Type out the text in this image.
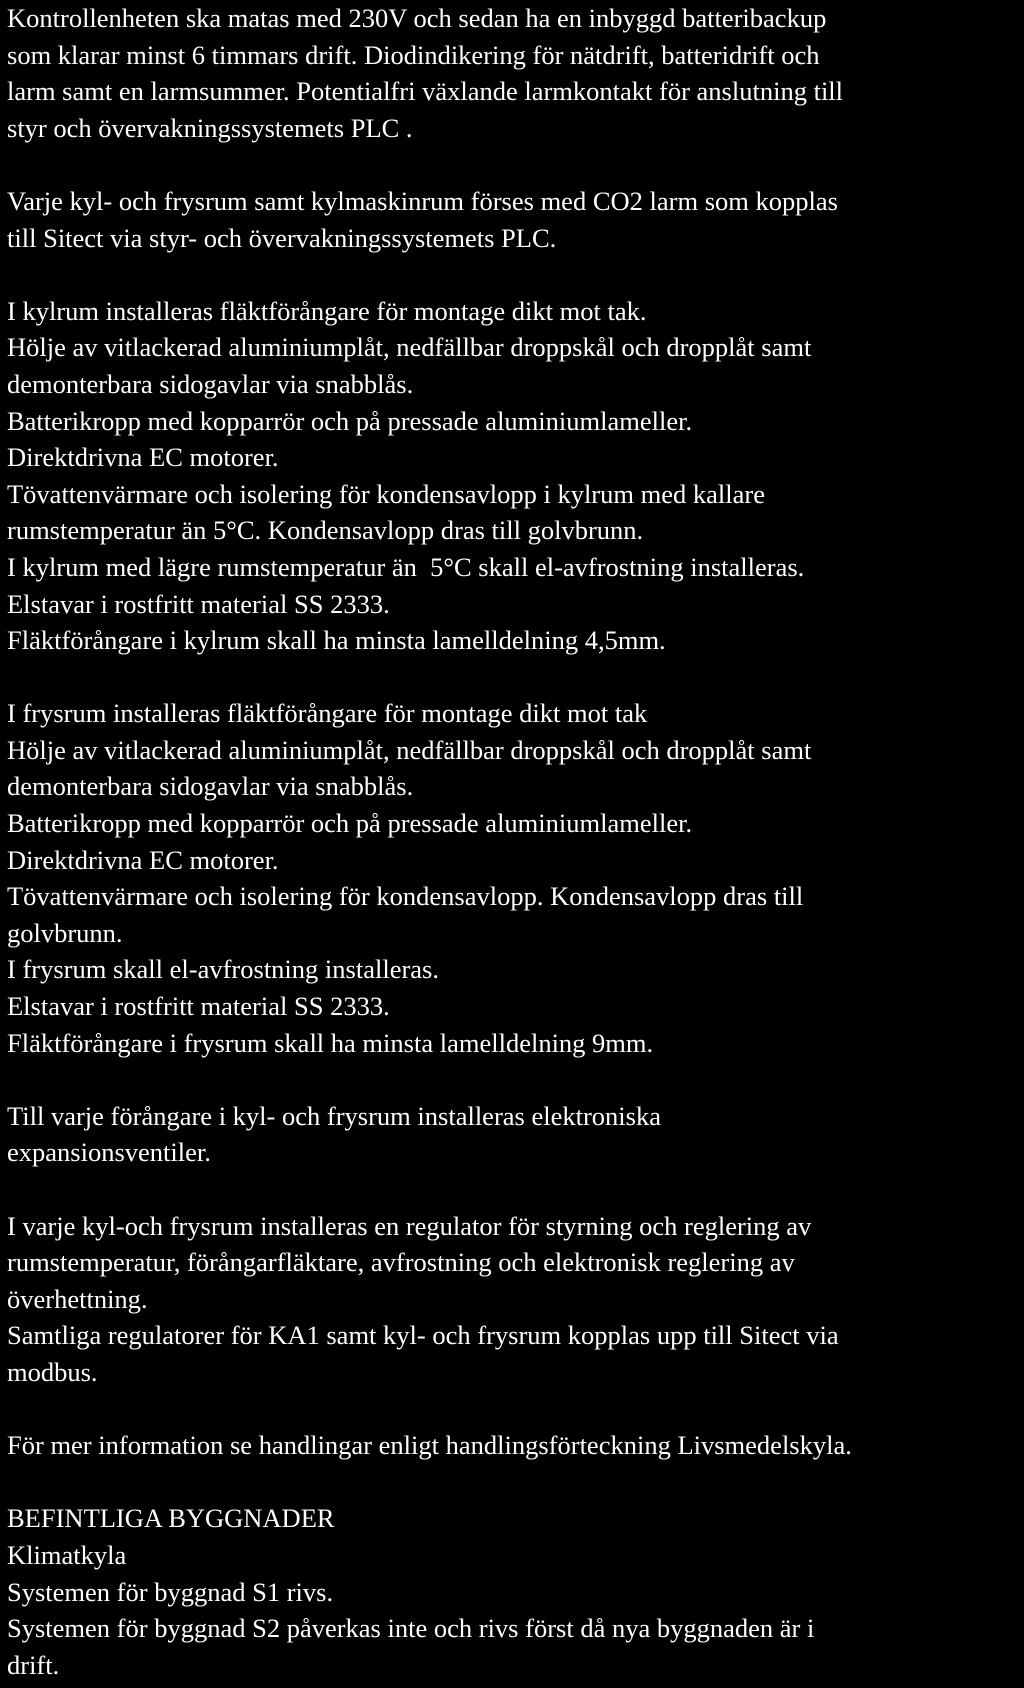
Kontrollenheten ska matas med 230V och sedan ha en inbyggd batteribackup
som klarar minst 6 timmars drift. Diodindikering för nätdrift, batteridrift och
larm samt en larmsummer. Potentialfri växlande larmkontakt för anslutning till
styr och övervakningssystemets PLC .
Varje kyl- och frysrum samt kylmaskinrum förses med CO2 larm som kopplas
till Sitect via styr- och övervakningssystemets PLC.
I kylrum installeras fläktförångare för montage dikt mot tak.
Hölje av vitlackerad aluminiumplåt, nedfällbar droppskål och dropplåt samt
demonterbara sidogavlar via snabblås.
Batterikropp med kopparrör och på pressade aluminiumlameller.
Direktdrivna EC motorer.
Tövattenvärmare och isolering för kondensavlopp i kylrum med kallare
rumstemperatur än 5°C. Kondensavlopp dras till golvbrunn.
I kylrum med lägre rumstemperatur än  5°C skall el-avfrostning installeras.
Elstavar i rostfritt material SS 2333.
Fläktförångare i kylrum skall ha minsta lamelldelning 4,5mm.
I frysrum installeras fläktförångare för montage dikt mot tak
Hölje av vitlackerad aluminiumplåt, nedfällbar droppskål och dropplåt samt
demonterbara sidogavlar via snabblås.
Batterikropp med kopparrör och på pressade aluminiumlameller.
Direktdrivna EC motorer.
Tövattenvärmare och isolering för kondensavlopp. Kondensavlopp dras till
golvbrunn.
I frysrum skall el-avfrostning installeras.
Elstavar i rostfritt material SS 2333.
Fläktförångare i frysrum skall ha minsta lamelldelning 9mm.
Till varje förångare i kyl- och frysrum installeras elektroniska
expansionsventiler.
I varje kyl-och frysrum installeras en regulator för styrning och reglering av
rumstemperatur, förångarfläktare, avfrostning och elektronisk reglering av
överhettning.
Samtliga regulatorer för KA1 samt kyl- och frysrum kopplas upp till Sitect via
modbus.
För mer information se handlingar enligt handlingsförteckning Livsmedelskyla.
BEFINTLIGA BYGGNADER
Klimatkyla
Systemen för byggnad S1 rivs.
Systemen för byggnad S2 påverkas inte och rivs först då nya byggnaden är i
drift.
